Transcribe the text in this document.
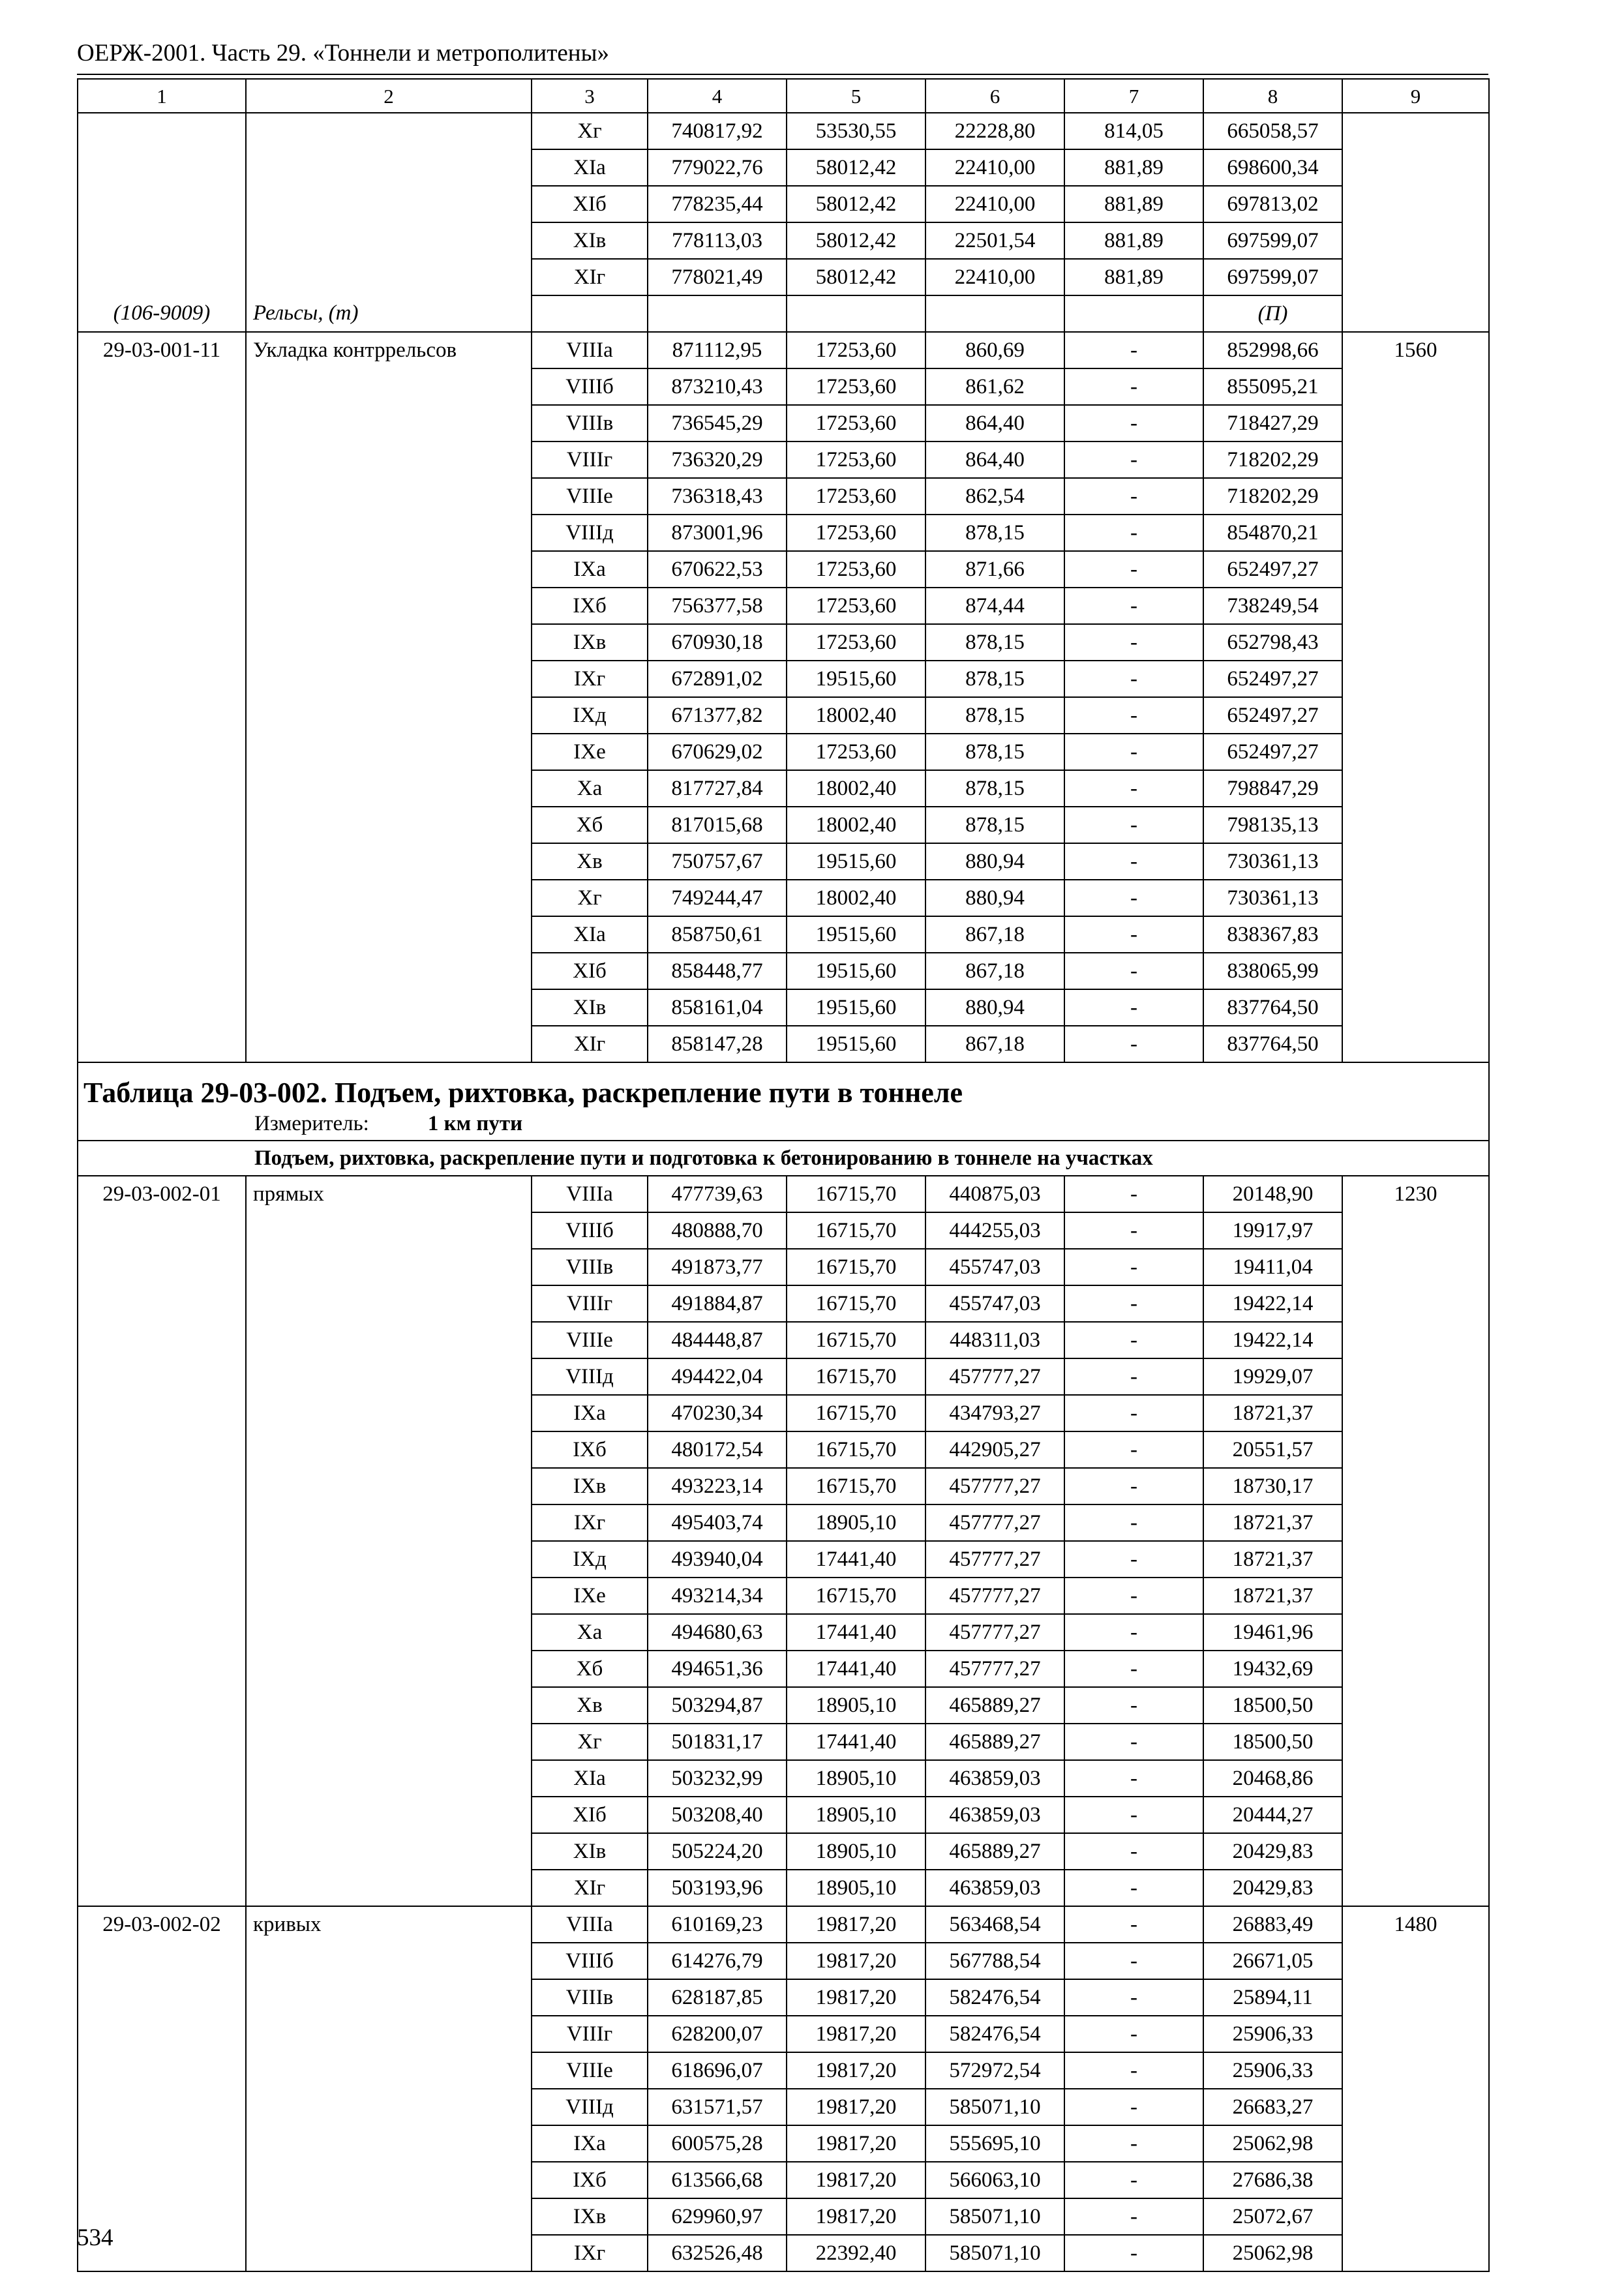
ОЕРЖ-2001. Часть 29. «Тоннели и метрополитены»
1	2	3	4	5	6	7	8	9
		Xг	740817,92	53530,55	22228,80	814,05	665058,57	
		XIа	779022,76	58012,42	22410,00	881,89	698600,34	
		XIб	778235,44	58012,42	22410,00	881,89	697813,02	
		XIв	778113,03	58012,42	22501,54	881,89	697599,07	
		XIг	778021,49	58012,42	22410,00	881,89	697599,07	
(106-9009)	Рельсы, (т)						(П)	
29-03-001-11	Укладка контррельсов	VIIIа	871112,95	17253,60	860,69	-	852998,66	1560
		VIIIб	873210,43	17253,60	861,62	-	855095,21	
		VIIIв	736545,29	17253,60	864,40	-	718427,29	
		VIIIг	736320,29	17253,60	864,40	-	718202,29	
		VIIIе	736318,43	17253,60	862,54	-	718202,29	
		VIIIд	873001,96	17253,60	878,15	-	854870,21	
		IXа	670622,53	17253,60	871,66	-	652497,27	
		IXб	756377,58	17253,60	874,44	-	738249,54	
		IXв	670930,18	17253,60	878,15	-	652798,43	
		IXг	672891,02	19515,60	878,15	-	652497,27	
		IXд	671377,82	18002,40	878,15	-	652497,27	
		IXе	670629,02	17253,60	878,15	-	652497,27	
		Xа	817727,84	18002,40	878,15	-	798847,29	
		Xб	817015,68	18002,40	878,15	-	798135,13	
		Xв	750757,67	19515,60	880,94	-	730361,13	
		Xг	749244,47	18002,40	880,94	-	730361,13	
		XIа	858750,61	19515,60	867,18	-	838367,83	
		XIб	858448,77	19515,60	867,18	-	838065,99	
		XIв	858161,04	19515,60	880,94	-	837764,50	
		XIг	858147,28	19515,60	867,18	-	837764,50	
Таблица 29-03-002. Подъем, рихтовка, раскрепление пути в тоннеле								
Измеритель: 1 км пути								
Подъем, рихтовка, раскрепление пути и подготовка к бетонированию в тоннеле на участках								
29-03-002-01	прямых	VIIIа	477739,63	16715,70	440875,03	-	20148,90	1230
		VIIIб	480888,70	16715,70	444255,03	-	19917,97	
		VIIIв	491873,77	16715,70	455747,03	-	19411,04	
		VIIIг	491884,87	16715,70	455747,03	-	19422,14	
		VIIIе	484448,87	16715,70	448311,03	-	19422,14	
		VIIIд	494422,04	16715,70	457777,27	-	19929,07	
		IXа	470230,34	16715,70	434793,27	-	18721,37	
		IXб	480172,54	16715,70	442905,27	-	20551,57	
		IXв	493223,14	16715,70	457777,27	-	18730,17	
		IXг	495403,74	18905,10	457777,27	-	18721,37	
		IXд	493940,04	17441,40	457777,27	-	18721,37	
		IXе	493214,34	16715,70	457777,27	-	18721,37	
		Xа	494680,63	17441,40	457777,27	-	19461,96	
		Xб	494651,36	17441,40	457777,27	-	19432,69	
		Xв	503294,87	18905,10	465889,27	-	18500,50	
		Xг	501831,17	17441,40	465889,27	-	18500,50	
		XIа	503232,99	18905,10	463859,03	-	20468,86	
		XIб	503208,40	18905,10	463859,03	-	20444,27	
		XIв	505224,20	18905,10	465889,27	-	20429,83	
		XIг	503193,96	18905,10	463859,03	-	20429,83	
29-03-002-02	кривых	VIIIа	610169,23	19817,20	563468,54	-	26883,49	1480
		VIIIб	614276,79	19817,20	567788,54	-	26671,05	
		VIIIв	628187,85	19817,20	582476,54	-	25894,11	
		VIIIг	628200,07	19817,20	582476,54	-	25906,33	
		VIIIе	618696,07	19817,20	572972,54	-	25906,33	
		VIIIд	631571,57	19817,20	585071,10	-	26683,27	
		IXа	600575,28	19817,20	555695,10	-	25062,98	
		IXб	613566,68	19817,20	566063,10	-	27686,38	
		IXв	629960,97	19817,20	585071,10	-	25072,67	
		IXг	632526,48	22392,40	585071,10	-	25062,98	
534
